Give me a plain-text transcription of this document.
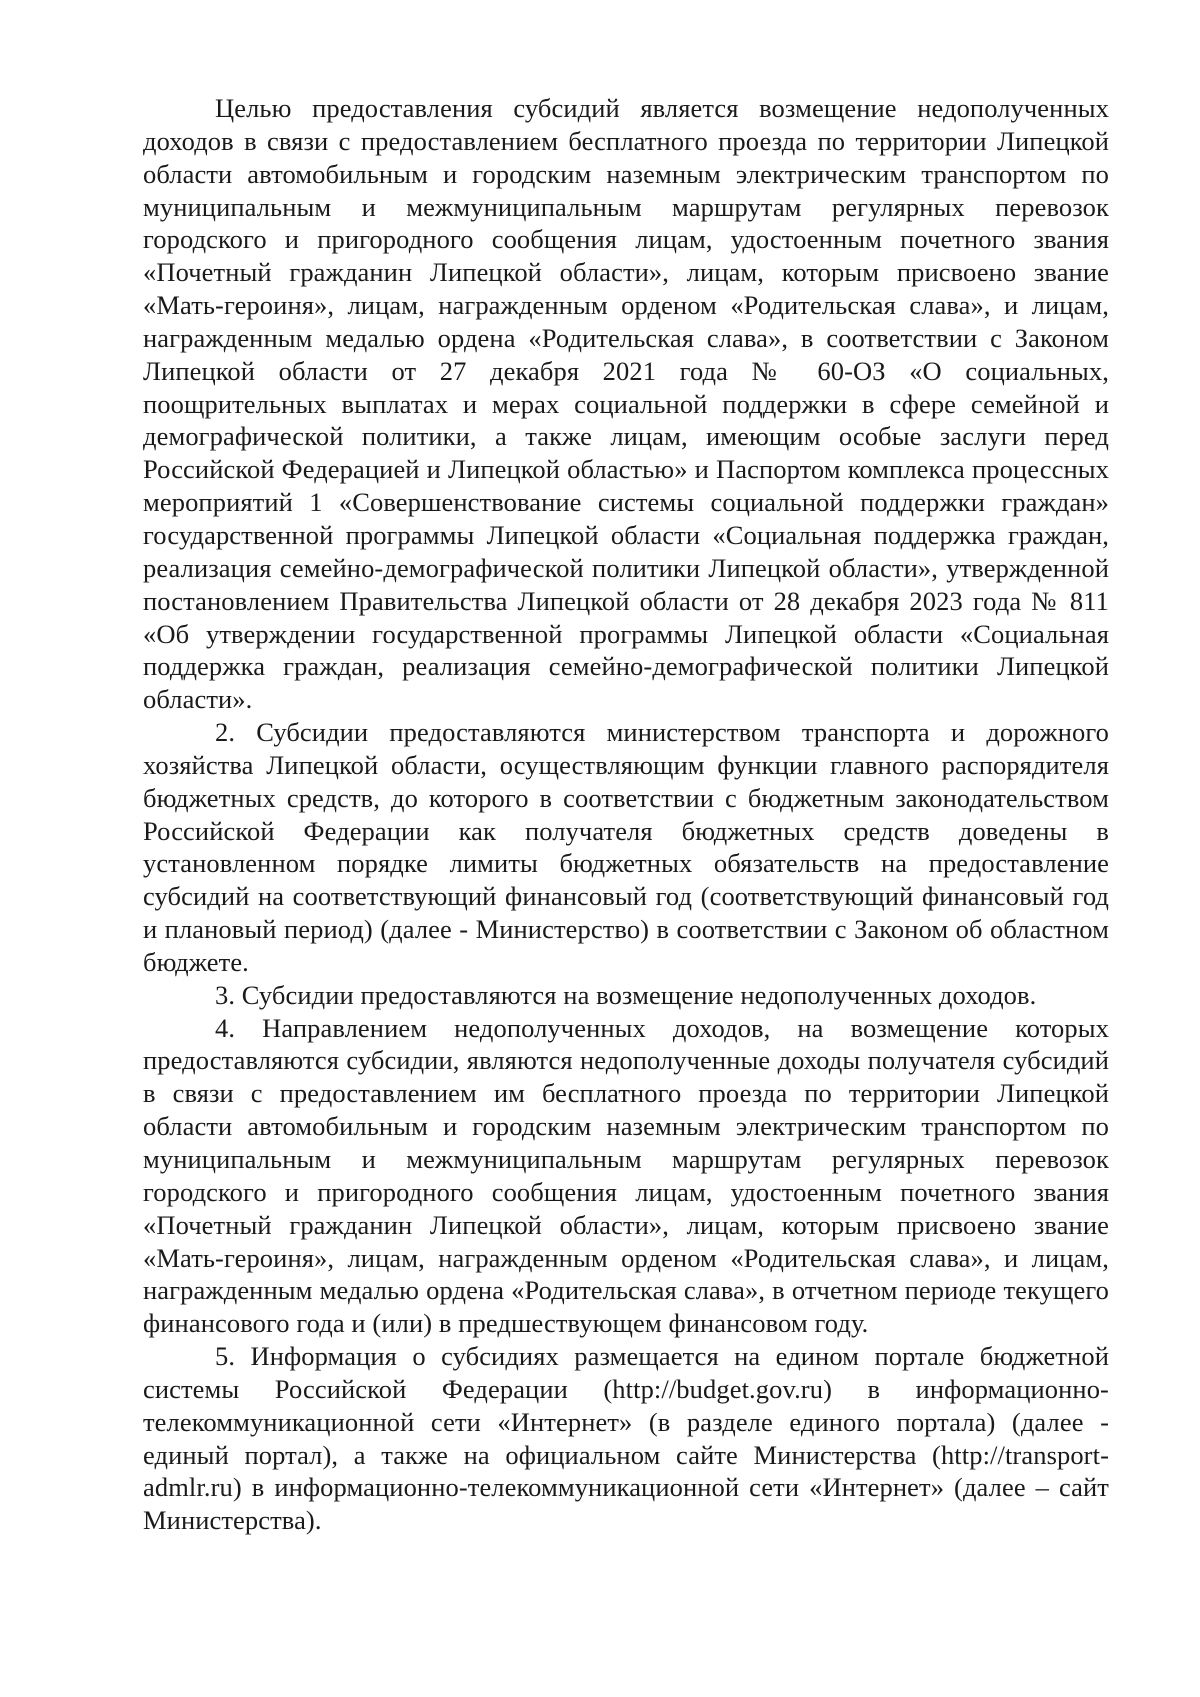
Целью предоставления субсидий является возмещение недополученных доходов в связи с предоставлением бесплатного проезда по территории Липецкой области автомобильным и городским наземным электрическим транспортом по муниципальным и межмуниципальным маршрутам регулярных перевозок городского и пригородного сообщения лицам, удостоенным почетного звания «Почетный гражданин Липецкой области», лицам, которым присвоено звание «Мать-героиня», лицам, награжденным орденом «Родительская слава», и лицам, награжденным медалью ордена «Родительская слава», в соответствии с Законом Липецкой области от 27 декабря 2021 года № 60-ОЗ «О социальных, поощрительных выплатах и мерах социальной поддержки в сфере семейной и демографической политики, а также лицам, имеющим особые заслуги перед Российской Федерацией и Липецкой областью» и Паспортом комплекса процессных мероприятий 1 «Совершенствование системы социальной поддержки граждан» государственной программы Липецкой области «Социальная поддержка граждан, реализация семейно-демографической политики Липецкой области», утвержденной постановлением Правительства Липецкой области от 28 декабря 2023 года № 811 «Об утверждении государственной программы Липецкой области «Социальная поддержка граждан, реализация семейно-демографической политики Липецкой области».

2. Субсидии предоставляются министерством транспорта и дорожного хозяйства Липецкой области, осуществляющим функции главного распорядителя бюджетных средств, до которого в соответствии с бюджетным законодательством Российской Федерации как получателя бюджетных средств доведены в установленном порядке лимиты бюджетных обязательств на предоставление субсидий на соответствующий финансовый год (соответствующий финансовый год и плановый период) (далее - Министерство) в соответствии с Законом об областном бюджете.

3. Субсидии предоставляются на возмещение недополученных доходов.

4. Направлением недополученных доходов, на возмещение которых предоставляются субсидии, являются недополученные доходы получателя субсидий в связи с предоставлением им бесплатного проезда по территории Липецкой области автомобильным и городским наземным электрическим транспортом по муниципальным и межмуниципальным маршрутам регулярных перевозок городского и пригородного сообщения лицам, удостоенным почетного звания «Почетный гражданин Липецкой области», лицам, которым присвоено звание «Мать-героиня», лицам, награжденным орденом «Родительская слава», и лицам, награжденным медалью ордена «Родительская слава», в отчетном периоде текущего финансового года и (или) в предшествующем финансовом году.

5. Информация о субсидиях размещается на едином портале бюджетной системы Российской Федерации (http://budget.gov.ru) в информационно-телекоммуникационной сети «Интернет» (в разделе единого портала) (далее - единый портал), а также на официальном сайте Министерства (http://transport-admlr.ru) в информационно-телекоммуникационной сети «Интернет» (далее – сайт Министерства).
